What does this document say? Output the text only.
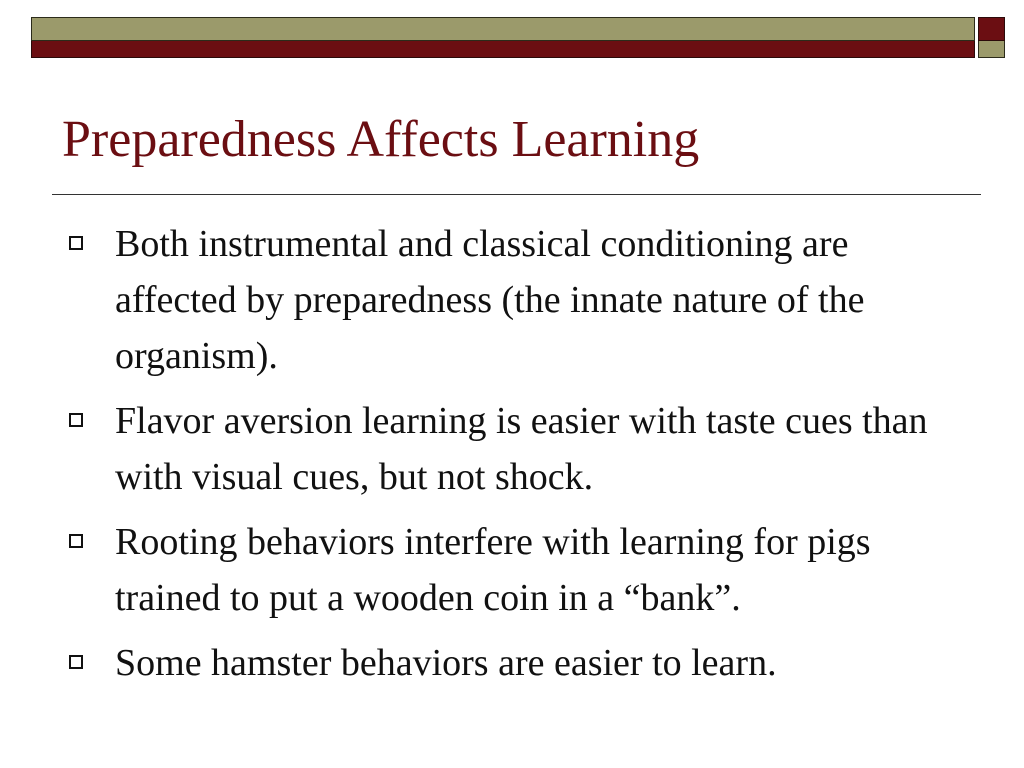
Preparedness Affects Learning
Both instrumental and classical conditioning are affected by preparedness (the innate nature of the organism).
Flavor aversion learning is easier with taste cues than with visual cues, but not shock.
Rooting behaviors interfere with learning for pigs trained to put a wooden coin in a “bank”.
Some hamster behaviors are easier to learn.
